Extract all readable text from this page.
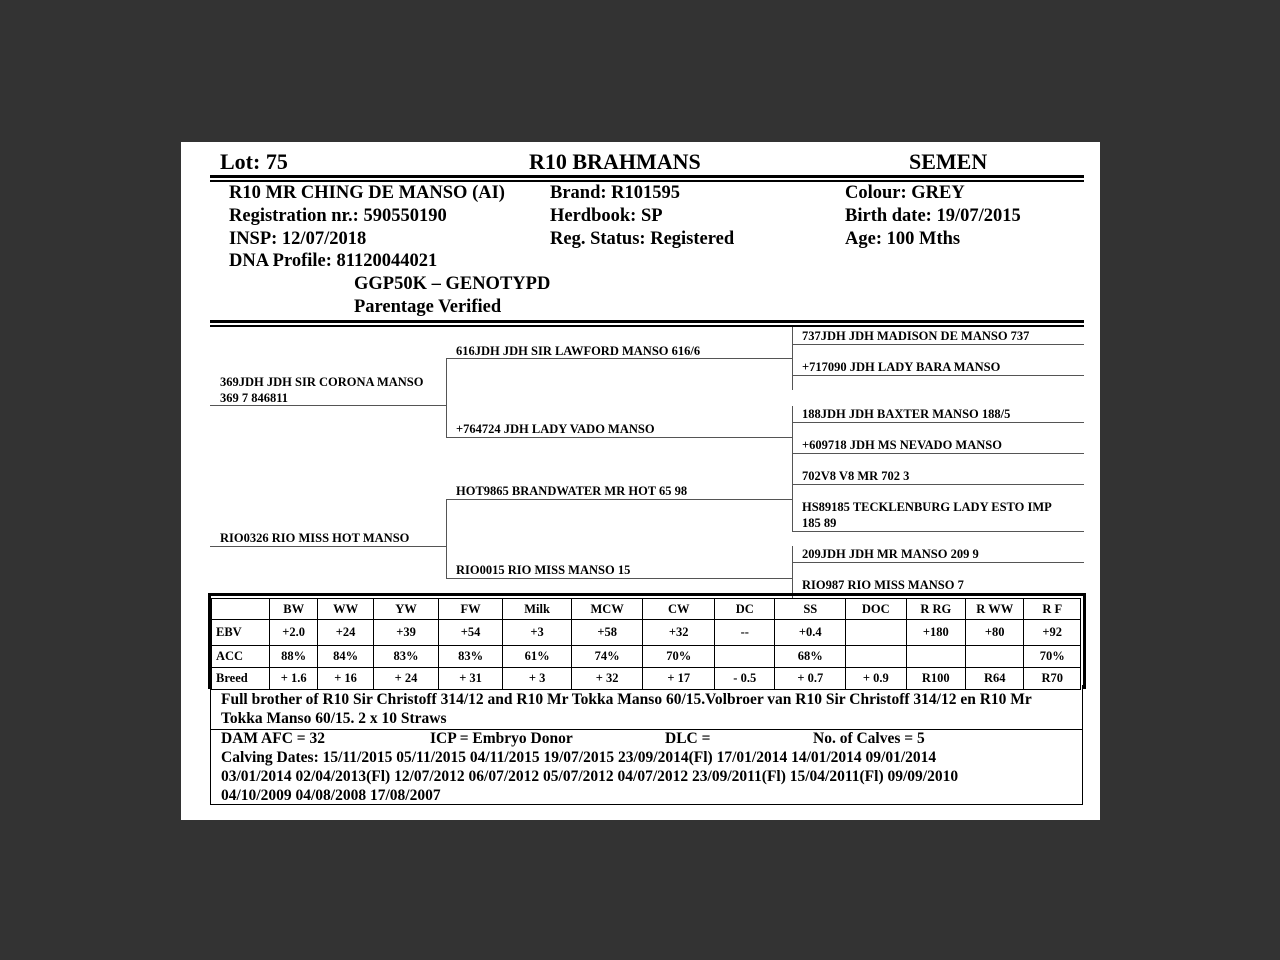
Lot: 75	R10 BRAHMANS	SEMEN
R10 MR CHING DE MANSO (AI)
Registration nr.: 590550190
INSP: 12/07/2018
DNA Profile: 81120044021
GGP50K – GENOTYPD
Parentage Verified
Brand: R101595
Herdbook: SP
Reg. Status: Registered
Colour: GREY
Birth date: 19/07/2015
Age: 100 Mths
369JDH JDH SIR CORONA MANSO
369 7 846811
RIO0326 RIO MISS HOT MANSO
616JDH JDH SIR LAWFORD MANSO 616/6
+764724 JDH LADY VADO MANSO
HOT9865 BRANDWATER MR HOT 65 98
RIO0015 RIO MISS MANSO 15
737JDH JDH MADISON DE MANSO 737
+717090 JDH LADY BARA MANSO
188JDH JDH BAXTER MANSO 188/5
+609718 JDH MS NEVADO MANSO
702V8 V8 MR 702 3
HS89185 TECKLENBURG LADY ESTO IMP
185 89
209JDH JDH MR MANSO 209 9
RIO987 RIO MISS MANSO 7
	BW	WW	YW	FW	Milk	MCW	CW	DC	SS	DOC	R RG	R WW	R F
EBV	+2.0	+24	+39	+54	+3	+58	+32	--	+0.4		+180	+80	+92
ACC	88%	84%	83%	83%	61%	74%	70%		68%				70%
Breed	+ 1.6	+ 16	+ 24	+ 31	+ 3	+ 32	+ 17	- 0.5	+ 0.7	+ 0.9	R100	R64	R70
Full brother of R10 Sir Christoff 314/12 and R10 Mr Tokka Manso 60/15.Volbroer van R10 Sir Christoff 314/12 en R10 Mr Tokka Manso 60/15. 2 x 10 Straws
DAM AFC = 32	ICP = Embryo Donor	DLC =	No. of Calves = 5
Calving Dates: 15/11/2015 05/11/2015 04/11/2015 19/07/2015 23/09/2014(Fl) 17/01/2014 14/01/2014 09/01/2014
03/01/2014 02/04/2013(Fl) 12/07/2012 06/07/2012 05/07/2012 04/07/2012 23/09/2011(Fl) 15/04/2011(Fl) 09/09/2010
04/10/2009 04/08/2008 17/08/2007
